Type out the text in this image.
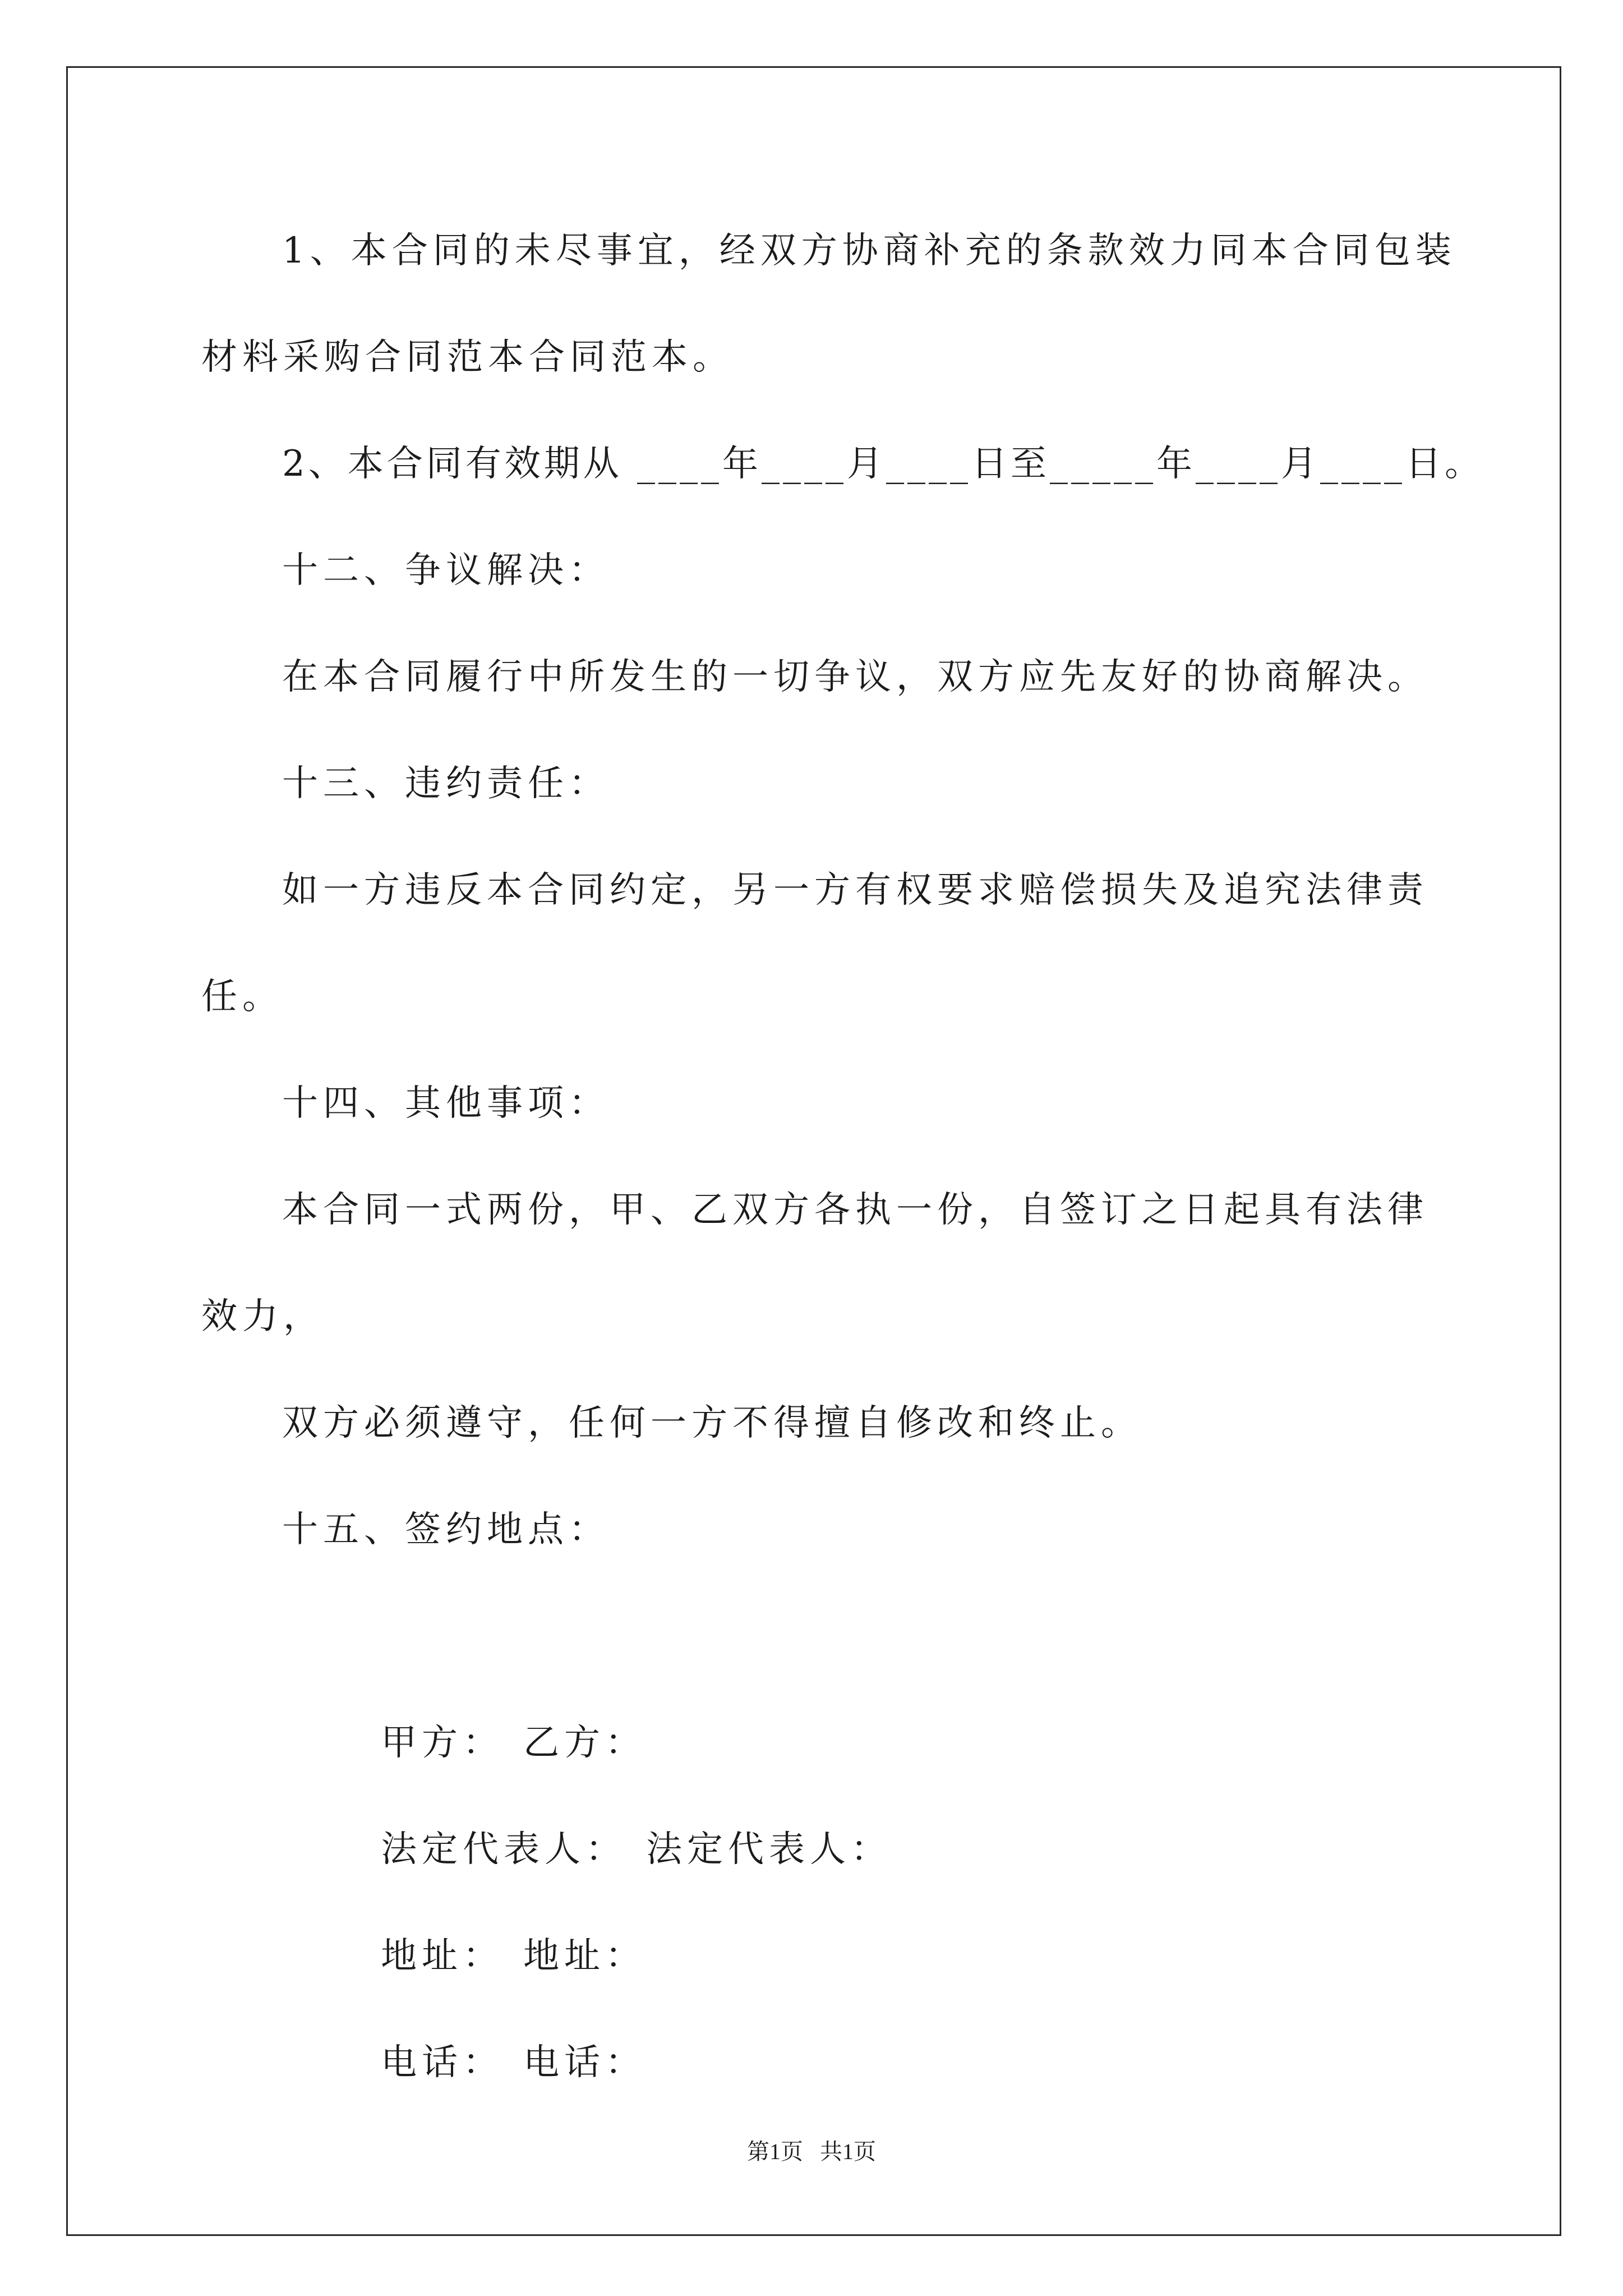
1、本合同的未尽事宜，经双方协商补充的条款效力同本合同包装
材料采购合同范本合同范本。
2、本合同有效期从 ____年____月____日至_____年____月____日。
十二、争议解决：
在本合同履行中所发生的一切争议，双方应先友好的协商解决。
十三、违约责任：
如一方违反本合同约定，另一方有权要求赔偿损失及追究法律责
任。
十四、其他事项：
本合同一式两份，甲、乙双方各执一份，自签订之日起具有法律
效力，
双方必须遵守，任何一方不得擅自修改和终止。
十五、签约地点：

甲方： 乙方：

法定代表人： 法定代表人：

地址： 地址：

电话： 电话：

第1页   共1页
